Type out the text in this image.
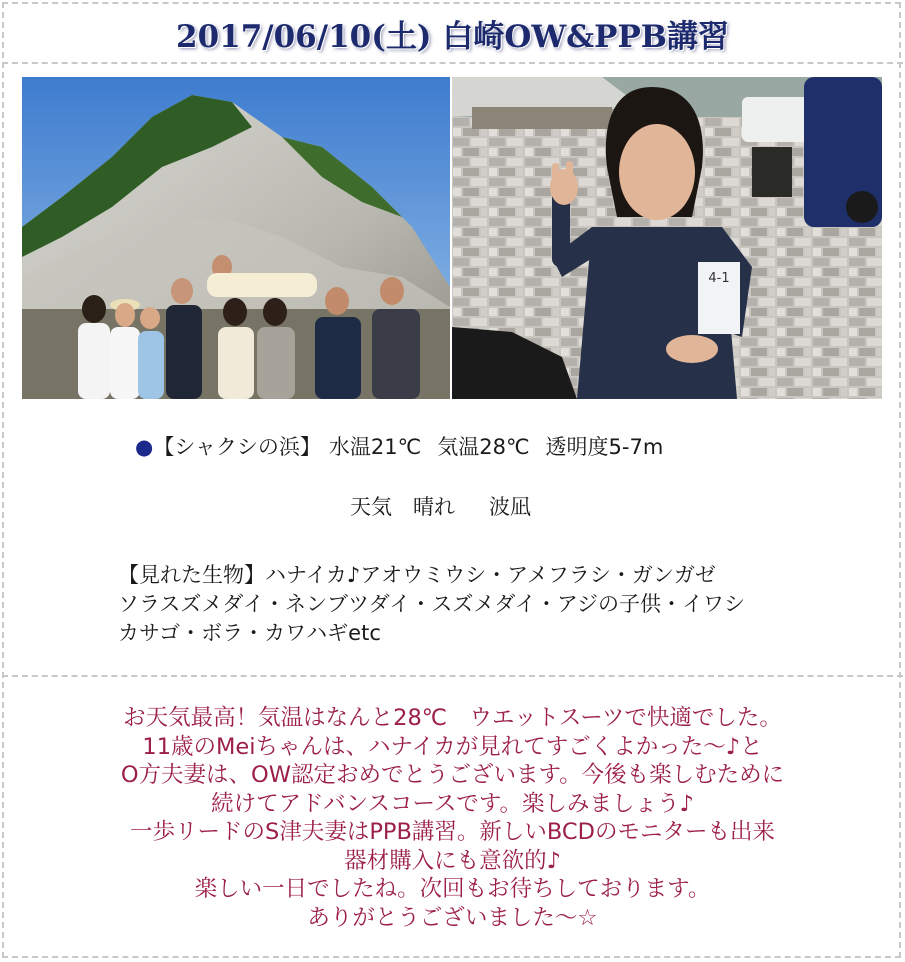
2017/06/10(土) 白崎OW&PPB講習
4-1
●【シャクシの浜】 水温21℃ 気温28℃ 透明度5-7m
天気　晴れ 波凪
【見れた生物】ハナイカ♪アオウミウシ・アメフラシ・ガンガゼ
ソラスズメダイ・ネンブツダイ・スズメダイ・アジの子供・イワシ
カサゴ・ボラ・カワハギetc
お天気最高！気温はなんと28℃　ウエットスーツで快適でした。
11歳のMeiちゃんは、ハナイカが見れてすごくよかった～♪と
O方夫妻は、OW認定おめでとうございます。今後も楽しむために
続けてアドバンスコースです。楽しみましょう♪
一歩リードのS津夫妻はPPB講習。新しいBCDのモニターも出来
器材購入にも意欲的♪
楽しい一日でしたね。次回もお待ちしております。
ありがとうございました～☆
